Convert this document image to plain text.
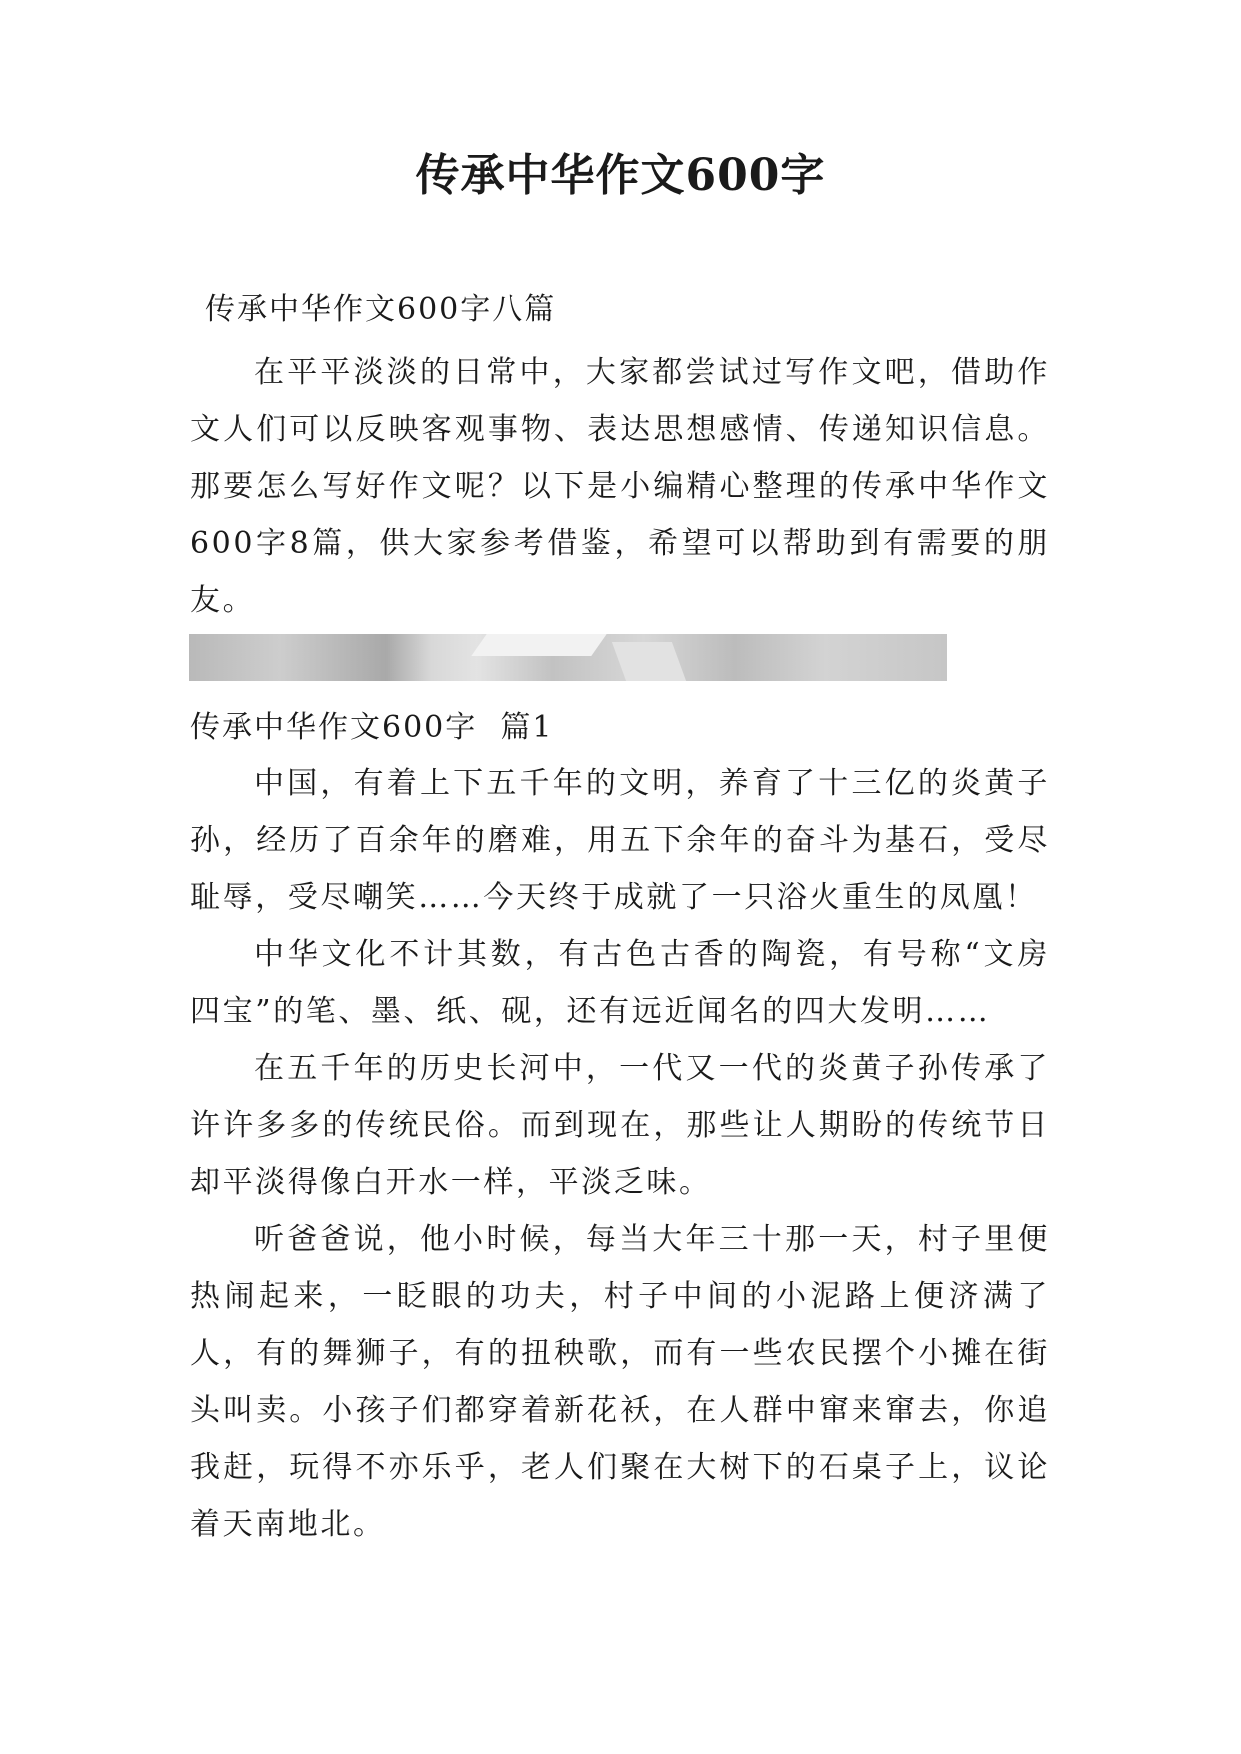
传承中华作文600字

传承中华作文600字八篇

在平平淡淡的日常中，大家都尝试过写作文吧，借助作文人们可以反映客观事物、表达思想感情、传递知识信息。那要怎么写好作文呢？以下是小编精心整理的传承中华作文600字8篇，供大家参考借鉴，希望可以帮助到有需要的朋友。

传承中华作文600字  篇1

中国，有着上下五千年的文明，养育了十三亿的炎黄子孙，经历了百余年的磨难，用五下余年的奋斗为基石，受尽耻辱，受尽嘲笑……今天终于成就了一只浴火重生的凤凰！

中华文化不计其数，有古色古香的陶瓷，有号称“文房四宝”的笔、墨、纸、砚，还有远近闻名的四大发明……

在五千年的历史长河中，一代又一代的炎黄子孙传承了许许多多的传统民俗。而到现在，那些让人期盼的传统节日却平淡得像白开水一样，平淡乏味。

听爸爸说，他小时候，每当大年三十那一天，村子里便热闹起来，一眨眼的功夫，村子中间的小泥路上便济满了人，有的舞狮子，有的扭秧歌，而有一些农民摆个小摊在街头叫卖。小孩子们都穿着新花袄，在人群中窜来窜去，你追我赶，玩得不亦乐乎，老人们聚在大树下的石桌子上，议论着天南地北。
